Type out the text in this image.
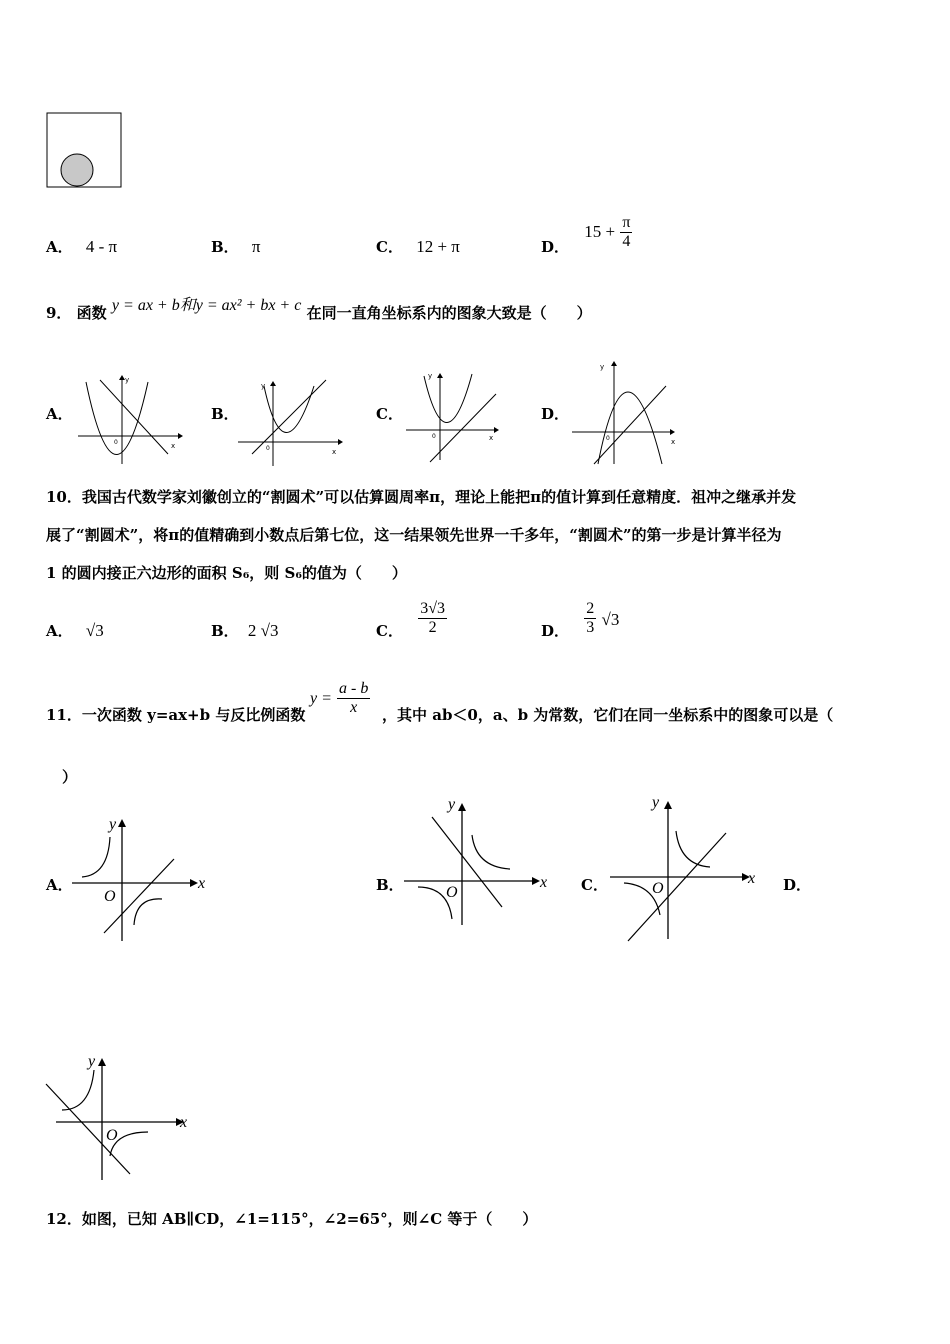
A． 4 - π	B． π	C． 12 + π	D． $15 + \frac{\pi}{4}$
9． 函数 y = ax + b和y = ax² + bx + c 在同一直角坐标系内的图象大致是（　　）
A．	B．	C．	D．
y
x
0
y
x
0
y
x
0
y
x
0
10．我国古代数学家刘徽创立的“割圆术”可以估算圆周率π，理论上能把π的值计算到任意精度．祖冲之继承并发
展了“割圆术”，将π的值精确到小数点后第七位，这一结果领先世界一千多年，“割圆术”的第一步是计算半径为
1 的圆内接正六边形的面积 S₆，则 S₆的值为（　　）
A． √3	B． 2 √3	C． $\frac{3√3}{2}$	D． $\frac{2}{3} √3$
11．一次函数 y=ax+b 与反比例函数
$y = \frac{a - b}{x}$ ，其中 ab＜0，a、b 为常数，它们在同一坐标系中的图象可以是（
）
A．	B．	C．	D．
y
x
O
y
x
O
y
x
O
y
x
O
12．如图，已知 AB∥CD，∠1=115°，∠2=65°，则∠C 等于（　　）
